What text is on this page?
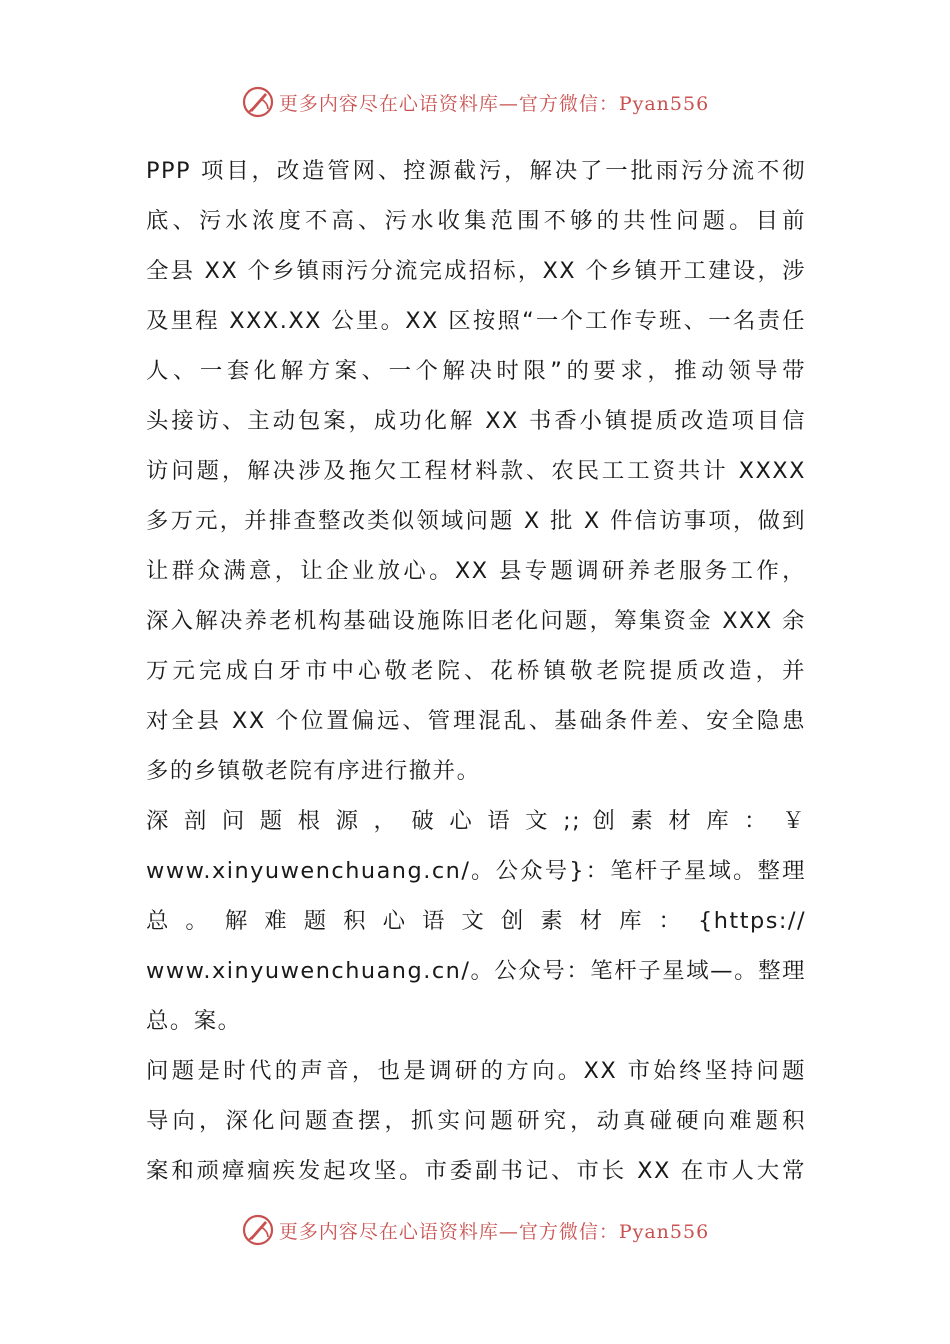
更多内容尽在心语资料库—官方微信：Pyan556
PPP 项目，改造管网、控源截污，解决了一批雨污分流不彻
底、污水浓度不高、污水收集范围不够的共性问题。目前
全县 XX 个乡镇雨污分流完成招标，XX 个乡镇开工建设，涉
及里程 XXX.XX 公里。XX 区按照“一个工作专班、一名责任
人、一套化解方案、一个解决时限”的要求，推动领导带
头接访、主动包案，成功化解 XX 书香小镇提质改造项目信
访问题，解决涉及拖欠工程材料款、农民工工资共计 XXXX
多万元，并排查整改类似领域问题 X 批 X 件信访事项，做到
让群众满意，让企业放心。XX 县专题调研养老服务工作，
深入解决养老机构基础设施陈旧老化问题，筹集资金 XXX 余
万元完成白牙市中心敬老院、花桥镇敬老院提质改造，并
对全县 XX 个位置偏远、管理混乱、基础条件差、安全隐患
多的乡镇敬老院有序进行撤并。
深 剖 问 题 根 源 ， 破 心 语 文 ;; 创 素 材 库 ： ￥
www.xinyuwenchuang.cn/。公众号}：笔杆子星域。整理
总 。 解 难 题 积 心 语 文 创 素 材 库 ： {https://
www.xinyuwenchuang.cn/。公众号：笔杆子星域—。整理
总。案。
问题是时代的声音，也是调研的方向。XX 市始终坚持问题
导向，深化问题查摆，抓实问题研究，动真碰硬向难题积
案和顽瘴痼疾发起攻坚。市委副书记、市长 XX 在市人大常
更多内容尽在心语资料库—官方微信：Pyan556
